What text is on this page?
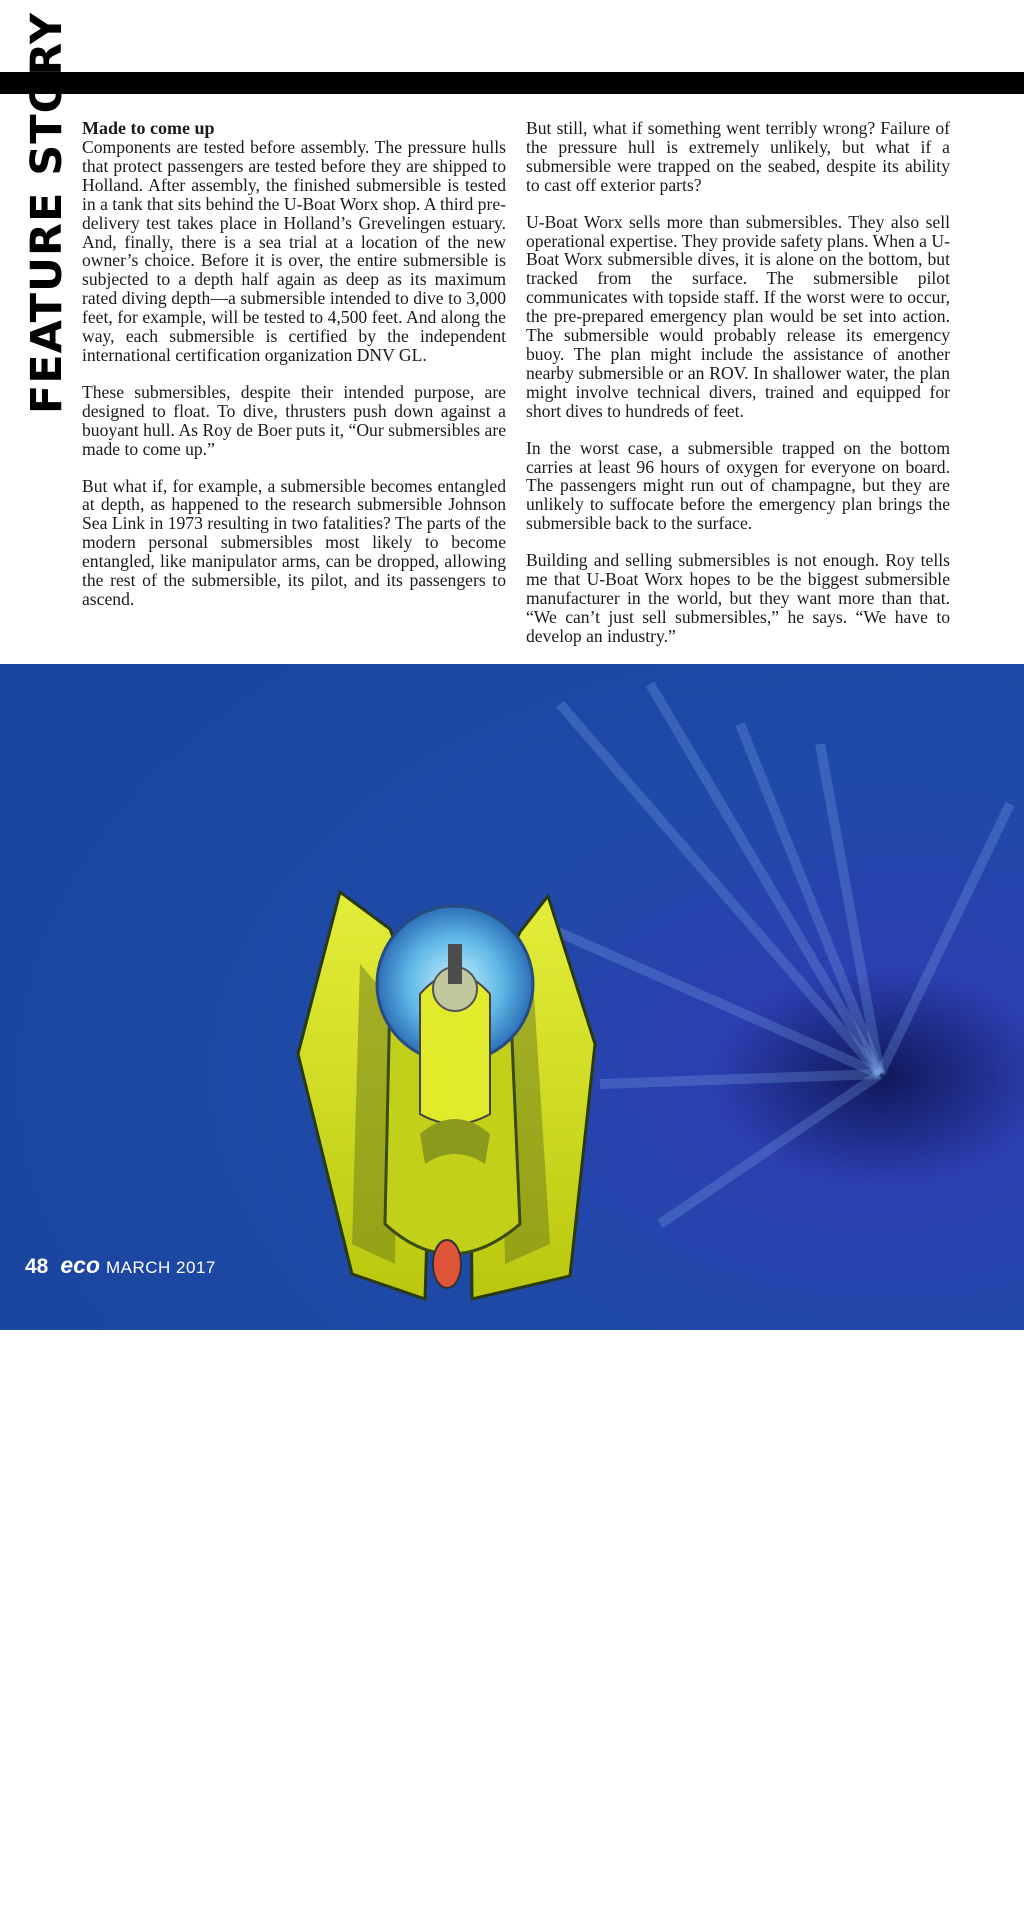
FEATURE STORY Made to come up

Components are tested before assembly. The pressure hulls that protect passengers are tested before they are shipped to Holland. After assembly, the finished submersible is tested in a tank that sits behind the U-Boat Worx shop. A third pre-delivery test takes place in Holland’s Grevelingen estuary. And, finally, there is a sea trial at a location of the new owner’s choice. Before it is over, the entire submersible is subjected to a depth half again as deep as its maximum rated diving depth—a submersible intended to dive to 3,000 feet, for example, will be tested to 4,500 feet. And along the way, each submersible is certified by the independent international certification organization DNV GL.

These submersibles, despite their intended purpose, are designed to float. To dive, thrusters push down against a buoyant hull. As Roy de Boer puts it, “Our submersibles are made to come up.”

But what if, for example, a submersible becomes entangled at depth, as happened to the research submersible Johnson Sea Link in 1973 resulting in two fatalities? The parts of the modern personal submersibles most likely to become entangled, like manipulator arms, can be dropped, allowing the rest of the submersible, its pilot, and its passengers to ascend.

But still, what if something went terribly wrong? Failure of the pressure hull is extremely unlikely, but what if a submersible were trapped on the seabed, despite its ability to cast off exterior parts?

U-Boat Worx sells more than submersibles. They also sell operational expertise. They provide safety plans. When a U-Boat Worx submersible dives, it is alone on the bottom, but tracked from the surface. The submersible pilot communicates with topside staff. If the worst were to occur, the pre-prepared emergency plan would be set into action. The submersible would probably release its emergency buoy. The plan might include the assistance of another nearby submersible or an ROV. In shallower water, the plan might involve technical divers, trained and equipped for short dives to hundreds of feet.

In the worst case, a submersible trapped on the bottom carries at least 96 hours of oxygen for everyone on board. The passengers might run out of champagne, but they are unlikely to suffocate before the emergency plan brings the submersible back to the surface.

Building and selling submersibles is not enough. Roy tells me that U-Boat Worx hopes to be the biggest submersible manufacturer in the world, but they want more than that. “We can’t just sell submersibles,” he says. “We have to develop an industry.”

C-Explorer 3 on the way down.
48 eco MARCH 2017
